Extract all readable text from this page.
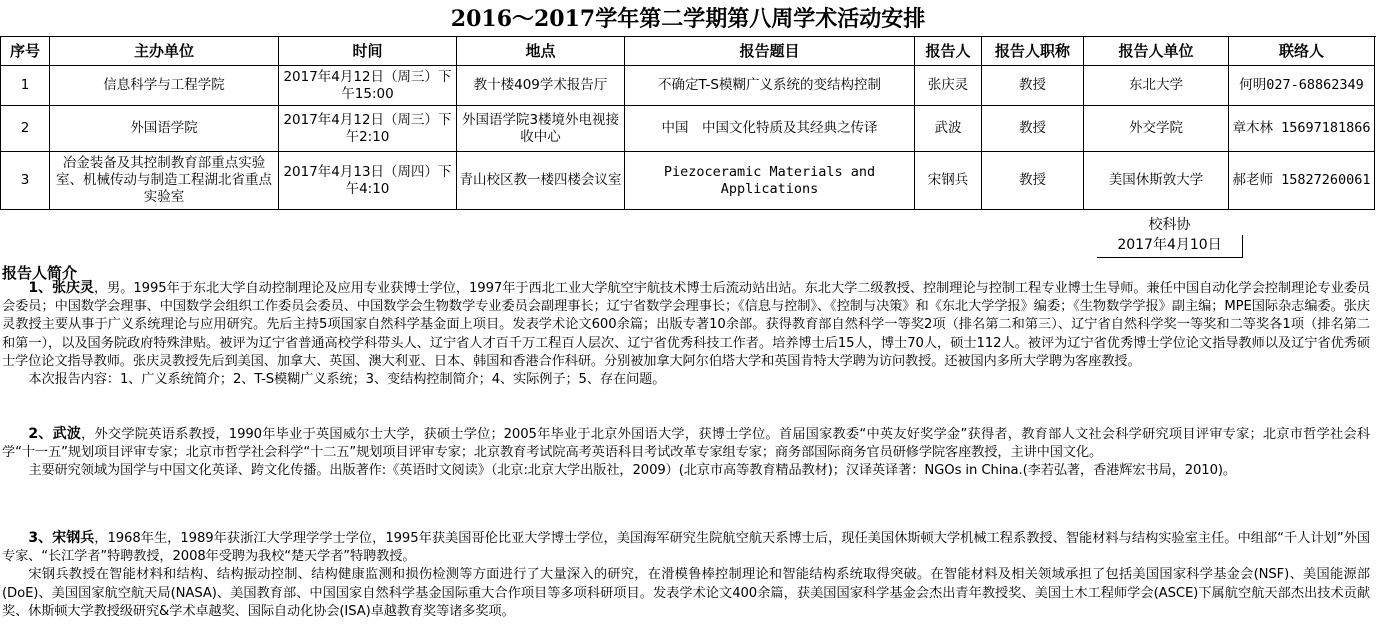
2016～2017学年第二学期第八周学术活动安排
序号	主办单位	时间	地点	报告题目	报告人	报告人职称	报告人单位	联络人
1	信息科学与工程学院	2017年4月12日（周三）下午15:00	教十楼409学术报告厅	不确定T-S模糊广义系统的变结构控制	张庆灵	教授	东北大学	何明027-68862349
2	外国语学院	2017年4月12日（周三）下午2:10	外国语学院3楼境外电视接收中心	中国　中国文化特质及其经典之传译	武波	教授	外交学院	章木林 15697181866
3	冶金装备及其控制教育部重点实验室、机械传动与制造工程湖北省重点实验室	2017年4月13日（周四）下午4:10	青山校区教一楼四楼会议室	Piezoceramic Materials and Applications	宋钢兵	教授	美国休斯敦大学	郝老师 15827260061
校科协
2017年4月10日
报告人简介

1、张庆灵，男。1995年于东北大学自动控制理论及应用专业获博士学位，1997年于西北工业大学航空宇航技术博士后流动站出站。东北大学二级教授、控制理论与控制工程专业博士生导师。兼任中国自动化学会控制理论专业委员会委员；中国数学会理事、中国数学会组织工作委员会委员、中国数学会生物数学专业委员会副理事长；辽宁省数学会理事长；《信息与控制》、《控制与决策》和《东北大学学报》编委；《生物数学学报》副主编；MPE国际杂志编委。张庆灵教授主要从事于广义系统理论与应用研究。先后主持5项国家自然科学基金面上项目。发表学术论文600余篇；出版专著10余部。获得教育部自然科学一等奖2项（排名第二和第三）、辽宁省自然科学奖一等奖和二等奖各1项（排名第二和第一），以及国务院政府特殊津贴。被评为辽宁省普通高校学科带头人、辽宁省人才百千万工程百人层次、辽宁省优秀科技工作者。培养博士后15人，博士70人，硕士112人。被评为辽宁省优秀博士学位论文指导教师以及辽宁省优秀硕士学位论文指导教师。张庆灵教授先后到美国、加拿大、英国、澳大利亚、日本、韩国和香港合作科研。分别被加拿大阿尔伯塔大学和英国肯特大学聘为访问教授。还被国内多所大学聘为客座教授。

本次报告内容：1、广义系统简介；2、T-S模糊广义系统；3、变结构控制简介；4、实际例子；5、存在问题。

2、武波，外交学院英语系教授，1990年毕业于英国威尔士大学，获硕士学位；2005年毕业于北京外国语大学，获博士学位。首届国家教委“中英友好奖学金”获得者，教育部人文社会科学研究项目评审专家；北京市哲学社会科学“十一五”规划项目评审专家；北京市哲学社会科学“十二五”规划项目评审专家；北京教育考试院高考英语科目考试改革专家组专家；商务部国际商务官员研修学院客座教授，主讲中国文化。

主要研究领域为国学与中国文化英译、跨文化传播。出版著作:《英语时文阅读》（北京:北京大学出版社，2009）(北京市高等教育精品教材)；汉译英译著：NGOs in China.(李若弘著，香港辉宏书局，2010)。

3、宋钢兵，1968年生，1989年获浙江大学理学学士学位，1995年获美国哥伦比亚大学博士学位，美国海军研究生院航空航天系博士后，现任美国休斯顿大学机械工程系教授、智能材料与结构实验室主任。中组部“千人计划”外国专家、“长江学者”特聘教授，2008年受聘为我校“楚天学者”特聘教授。

宋钢兵教授在智能材料和结构、结构振动控制、结构健康监测和损伤检测等方面进行了大量深入的研究，在滑模鲁棒控制理论和智能结构系统取得突破。在智能材料及相关领域承担了包括美国国家科学基金会(NSF)、美国能源部(DoE)、美国国家航空航天局(NASA)、美国教育部、中国国家自然科学基金国际重大合作项目等多项科研项目。发表学术论文400余篇，获美国国家科学基金会杰出青年教授奖、美国土木工程师学会(ASCE)下属航空航天部杰出技术贡献奖、休斯顿大学教授级研究&学术卓越奖、国际自动化协会(ISA)卓越教育奖等诸多奖项。
